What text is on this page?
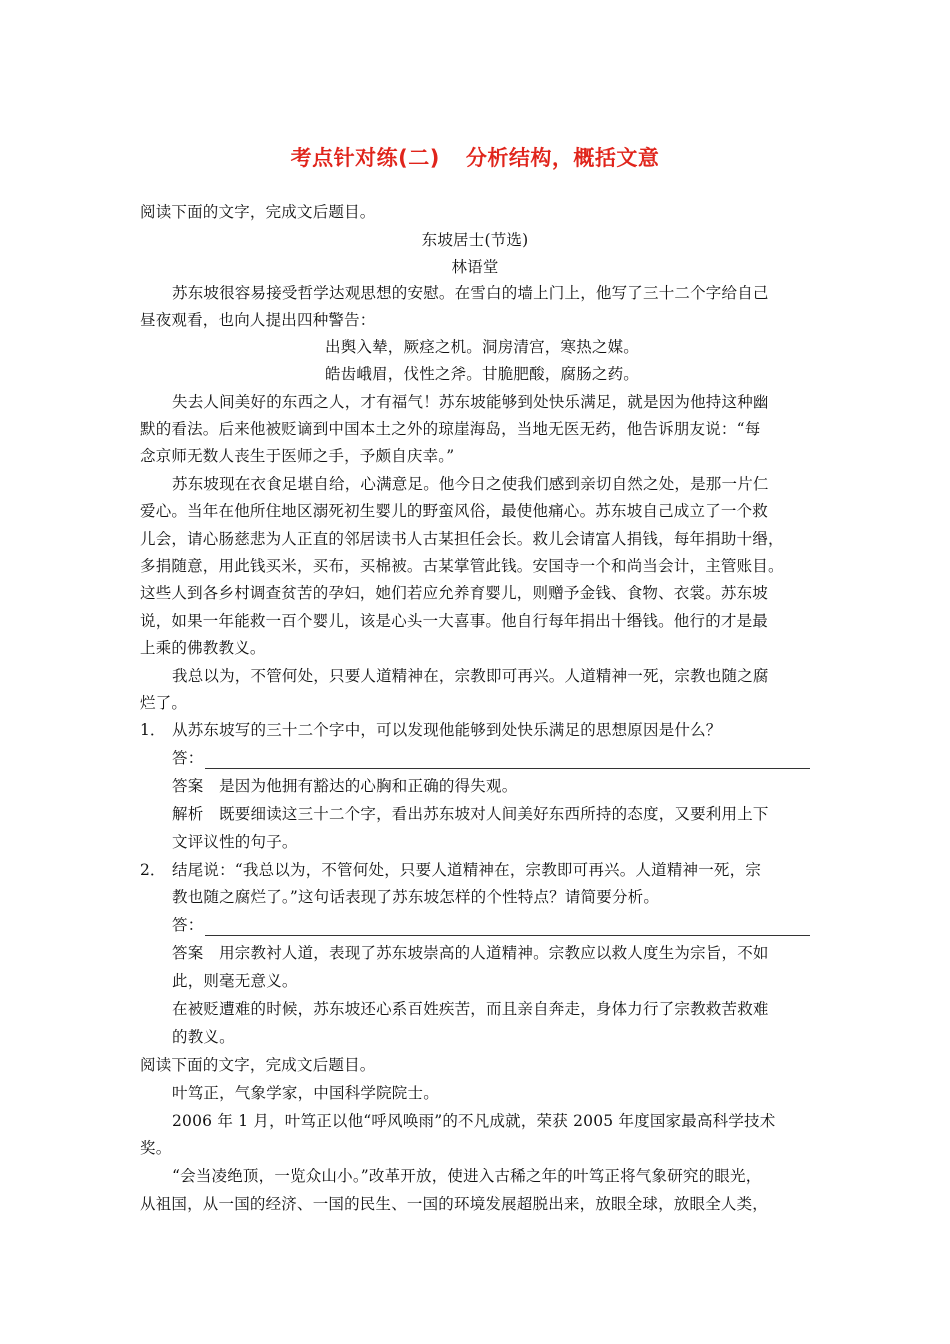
考点针对练(二) 分析结构，概括文意
阅读下面的文字，完成文后题目。
东坡居士(节选)
林语堂
苏东坡很容易接受哲学达观思想的安慰。在雪白的墙上门上，他写了三十二个字给自己
昼夜观看，也向人提出四种警告：
出舆入辇，厥痉之机。洞房清宫，寒热之媒。
皓齿峨眉，伐性之斧。甘脆肥酸，腐肠之药。
失去人间美好的东西之人，才有福气！苏东坡能够到处快乐满足，就是因为他持这种幽
默的看法。后来他被贬谪到中国本土之外的琼崖海岛，当地无医无药，他告诉朋友说：“每
念京师无数人丧生于医师之手，予颇自庆幸。”
苏东坡现在衣食足堪自给，心满意足。他今日之使我们感到亲切自然之处，是那一片仁
爱心。当年在他所住地区溺死初生婴儿的野蛮风俗，最使他痛心。苏东坡自己成立了一个救
儿会，请心肠慈悲为人正直的邻居读书人古某担任会长。救儿会请富人捐钱，每年捐助十缗，
多捐随意，用此钱买米，买布，买棉被。古某掌管此钱。安国寺一个和尚当会计，主管账目。
这些人到各乡村调查贫苦的孕妇，她们若应允养育婴儿，则赠予金钱、食物、衣裳。苏东坡
说，如果一年能救一百个婴儿，该是心头一大喜事。他自行每年捐出十缗钱。他行的才是最
上乘的佛教教义。
我总以为，不管何处，只要人道精神在，宗教即可再兴。人道精神一死，宗教也随之腐
烂了。
1． 从苏东坡写的三十二个字中，可以发现他能够到处快乐满足的思想原因是什么？
答：
答案　是因为他拥有豁达的心胸和正确的得失观。
解析　既要细读这三十二个字，看出苏东坡对人间美好东西所持的态度，又要利用上下
文评议性的句子。
2． 结尾说：“我总以为，不管何处，只要人道精神在，宗教即可再兴。人道精神一死，宗
教也随之腐烂了。”这句话表现了苏东坡怎样的个性特点？请简要分析。
答：
答案　用宗教衬人道，表现了苏东坡崇高的人道精神。宗教应以救人度生为宗旨，不如
此，则毫无意义。
在被贬遭难的时候，苏东坡还心系百姓疾苦，而且亲自奔走，身体力行了宗教救苦救难
的教义。
阅读下面的文字，完成文后题目。
叶笃正，气象学家，中国科学院院士。
2006 年 1 月，叶笃正以他“呼风唤雨”的不凡成就，荣获 2005 年度国家最高科学技术
奖。
“会当凌绝顶，一览众山小。”改革开放，使进入古稀之年的叶笃正将气象研究的眼光，
从祖国，从一国的经济、一国的民生、一国的环境发展超脱出来，放眼全球，放眼全人类，
